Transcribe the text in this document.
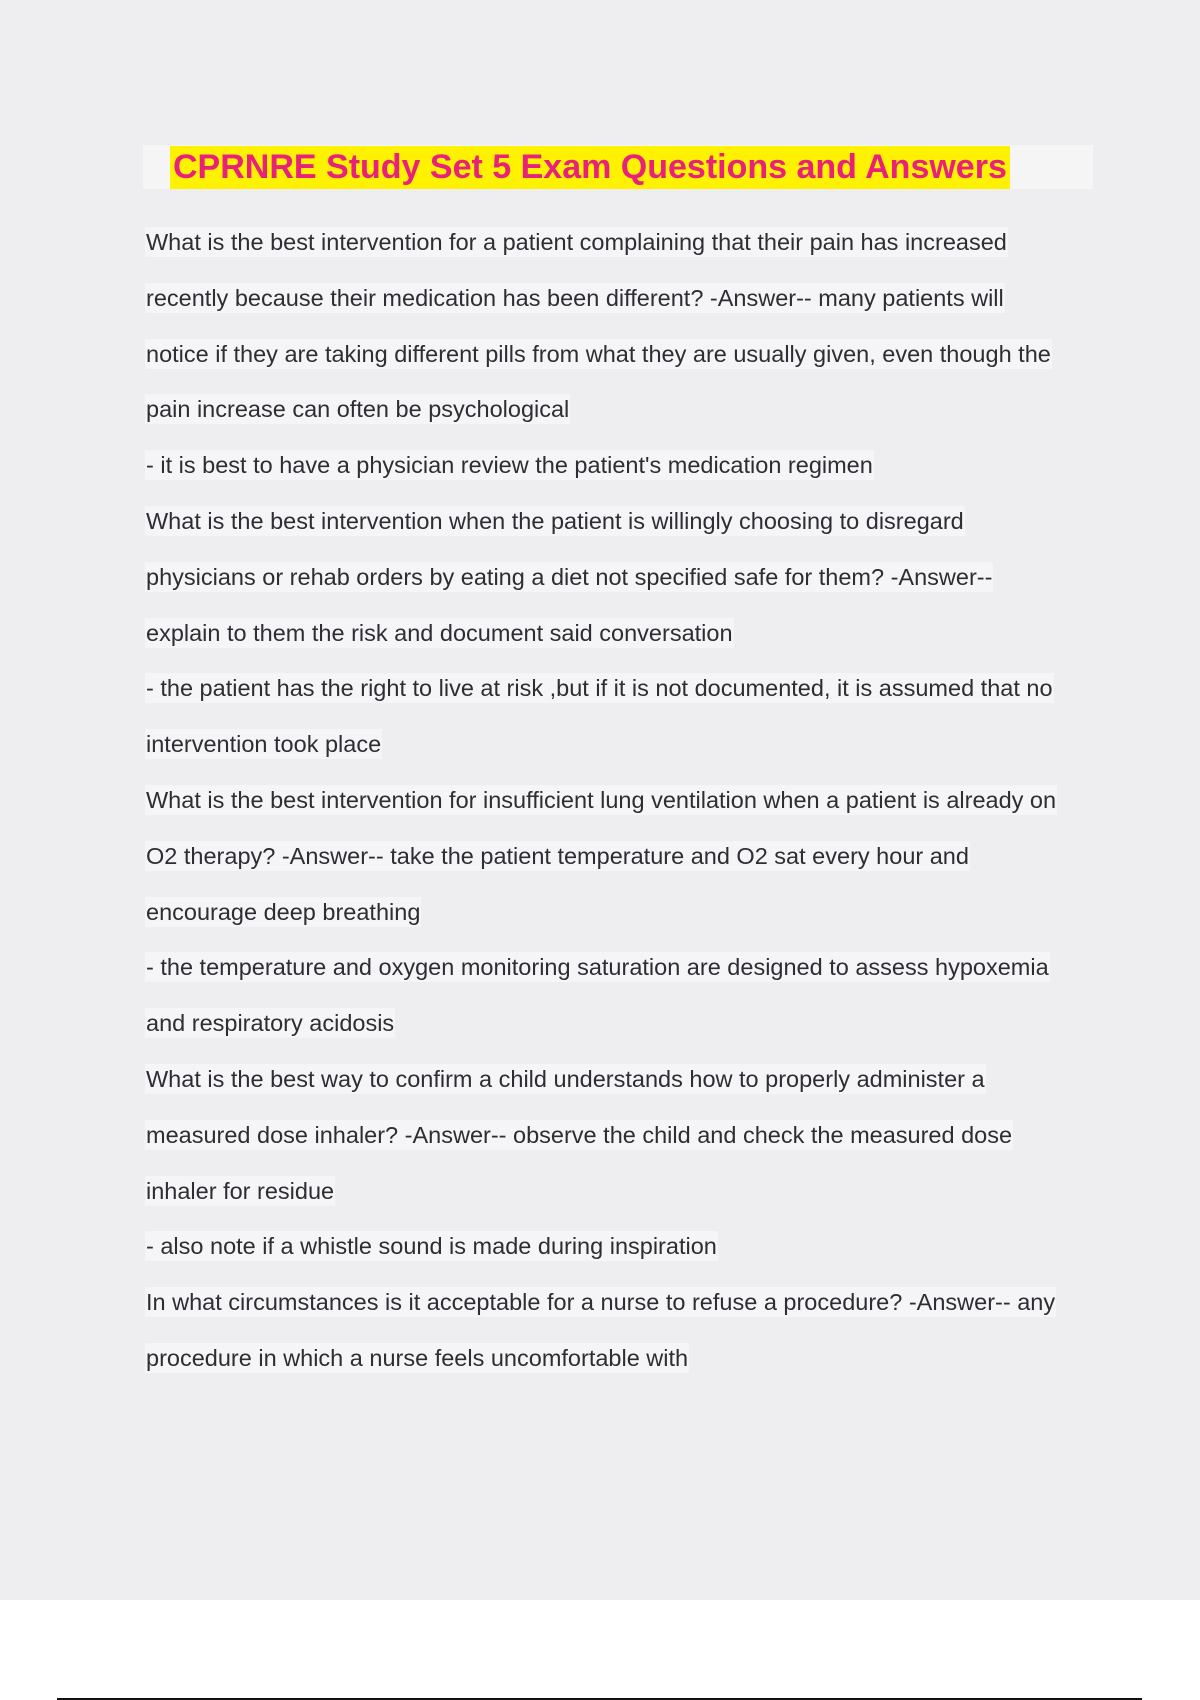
CPRNRE Study Set 5 Exam Questions and Answers
What is the best intervention for a patient complaining that their pain has increased
recently because their medication has been different? -Answer-- many patients will
notice if they are taking different pills from what they are usually given, even though the
pain increase can often be psychological
- it is best to have a physician review the patient's medication regimen
What is the best intervention when the patient is willingly choosing to disregard
physicians or rehab orders by eating a diet not specified safe for them? -Answer--
explain to them the risk and document said conversation
- the patient has the right to live at risk ,but if it is not documented, it is assumed that no
intervention took place
What is the best intervention for insufficient lung ventilation when a patient is already on
O2 therapy? -Answer-- take the patient temperature and O2 sat every hour and
encourage deep breathing
- the temperature and oxygen monitoring saturation are designed to assess hypoxemia
and respiratory acidosis
What is the best way to confirm a child understands how to properly administer a
measured dose inhaler? -Answer-- observe the child and check the measured dose
inhaler for residue
- also note if a whistle sound is made during inspiration
In what circumstances is it acceptable for a nurse to refuse a procedure? -Answer-- any
procedure in which a nurse feels uncomfortable with
